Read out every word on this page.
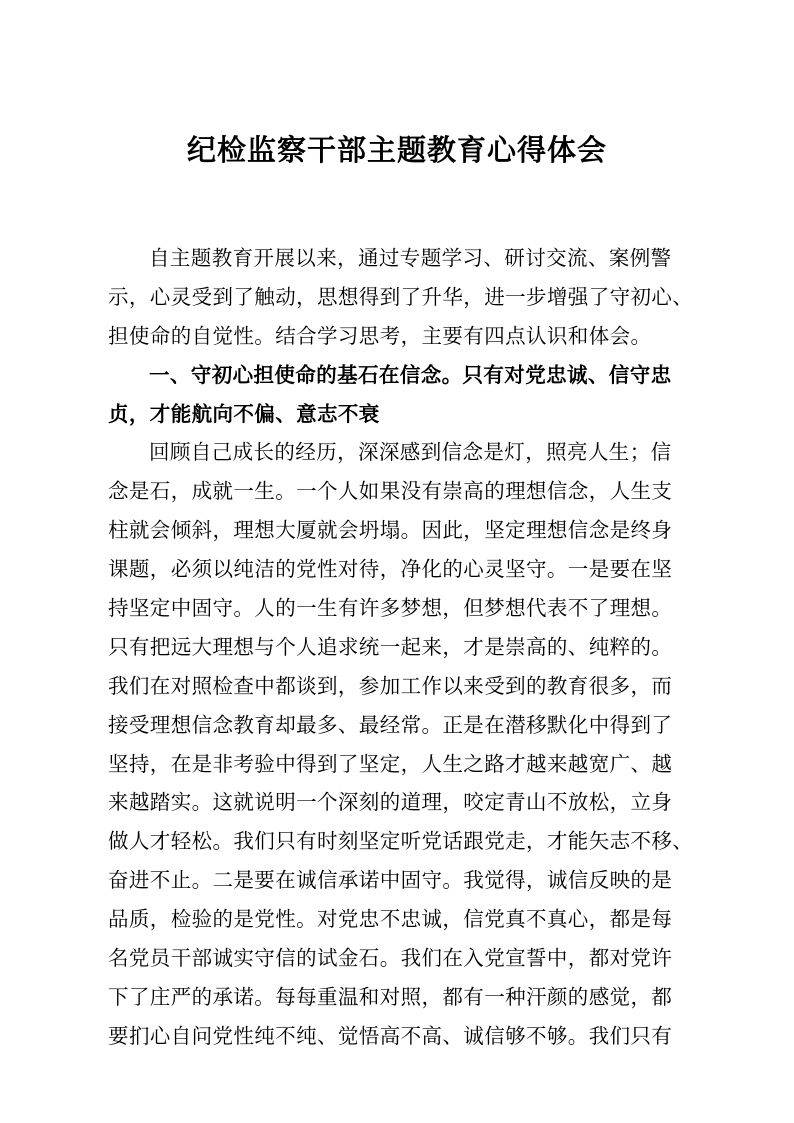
纪检监察干部主题教育心得体会
自主题教育开展以来，通过专题学习、研讨交流、案例警
示，心灵受到了触动，思想得到了升华，进一步增强了守初心、
担使命的自觉性。结合学习思考，主要有四点认识和体会。
一、守初心担使命的基石在信念。只有对党忠诚、信守忠
贞，才能航向不偏、意志不衰
回顾自己成长的经历，深深感到信念是灯，照亮人生；信
念是石，成就一生。一个人如果没有崇高的理想信念，人生支
柱就会倾斜，理想大厦就会坍塌。因此，坚定理想信念是终身
课题，必须以纯洁的党性对待，净化的心灵坚守。一是要在坚
持坚定中固守。人的一生有许多梦想，但梦想代表不了理想。
只有把远大理想与个人追求统一起来，才是崇高的、纯粹的。
我们在对照检查中都谈到，参加工作以来受到的教育很多，而
接受理想信念教育却最多、最经常。正是在潜移默化中得到了
坚持，在是非考验中得到了坚定，人生之路才越来越宽广、越
来越踏实。这就说明一个深刻的道理，咬定青山不放松，立身
做人才轻松。我们只有时刻坚定听党话跟党走，才能矢志不移、
奋进不止。二是要在诚信承诺中固守。我觉得，诚信反映的是
品质，检验的是党性。对党忠不忠诚，信党真不真心，都是每
名党员干部诚实守信的试金石。我们在入党宣誓中，都对党许
下了庄严的承诺。每每重温和对照，都有一种汗颜的感觉，都
要扪心自问党性纯不纯、觉悟高不高、诚信够不够。我们只有
